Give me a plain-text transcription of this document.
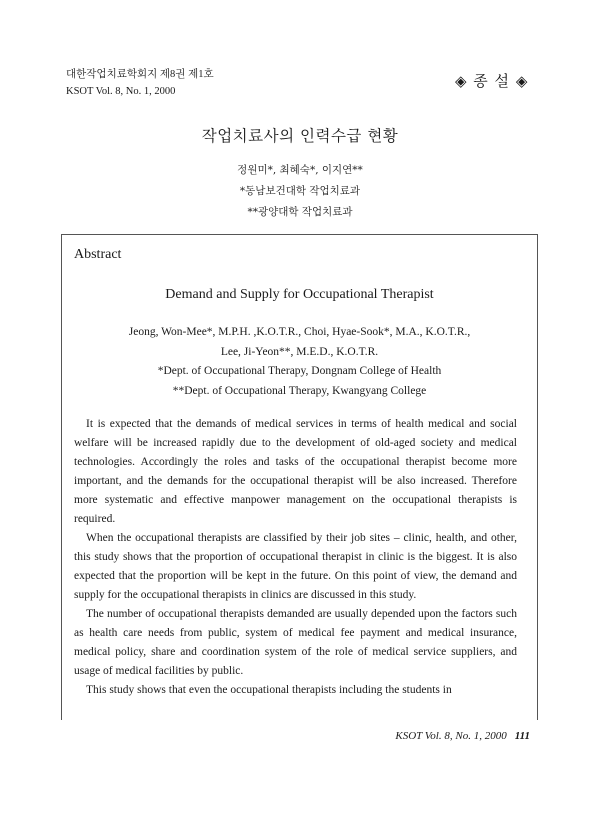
대한작업치료학회지 제8권 제1호
KSOT Vol. 8, No. 1, 2000
◈ 종 설 ◈
작업치료사의 인력수급 현황
정원미*, 최혜숙*, 이지연**
*동남보건대학 작업치료과
**광양대학 작업치료과
Abstract
Demand and Supply for Occupational Therapist
Jeong, Won-Mee*, M.P.H. ,K.O.T.R., Choi, Hyae-Sook*, M.A., K.O.T.R.,
Lee, Ji-Yeon**, M.E.D., K.O.T.R.
*Dept. of Occupational Therapy, Dongnam College of Health
**Dept. of Occupational Therapy, Kwangyang College

It is expected that the demands of medical services in terms of health medical and social welfare will be increased rapidly due to the development of old-aged society and medical technologies. Accordingly the roles and tasks of the occupational therapist become more important, and the demands for the occupational therapist will be also increased. Therefore more systematic and effective manpower management on the occupational therapists is required.

When the occupational therapists are classified by their job sites – clinic, health, and other, this study shows that the proportion of occupational therapist in clinic is the biggest. It is also expected that the proportion will be kept in the future. On this point of view, the demand and supply for the occupational therapists in clinics are discussed in this study.

The number of occupational therapists demanded are usually depended upon the factors such as health care needs from public, system of medical fee payment and medical insurance, medical policy, share and coordination system of the role of medical service suppliers, and usage of medical facilities by public.

This study shows that even the occupational therapists including the students in

KSOT Vol. 8, No. 1, 2000 111
